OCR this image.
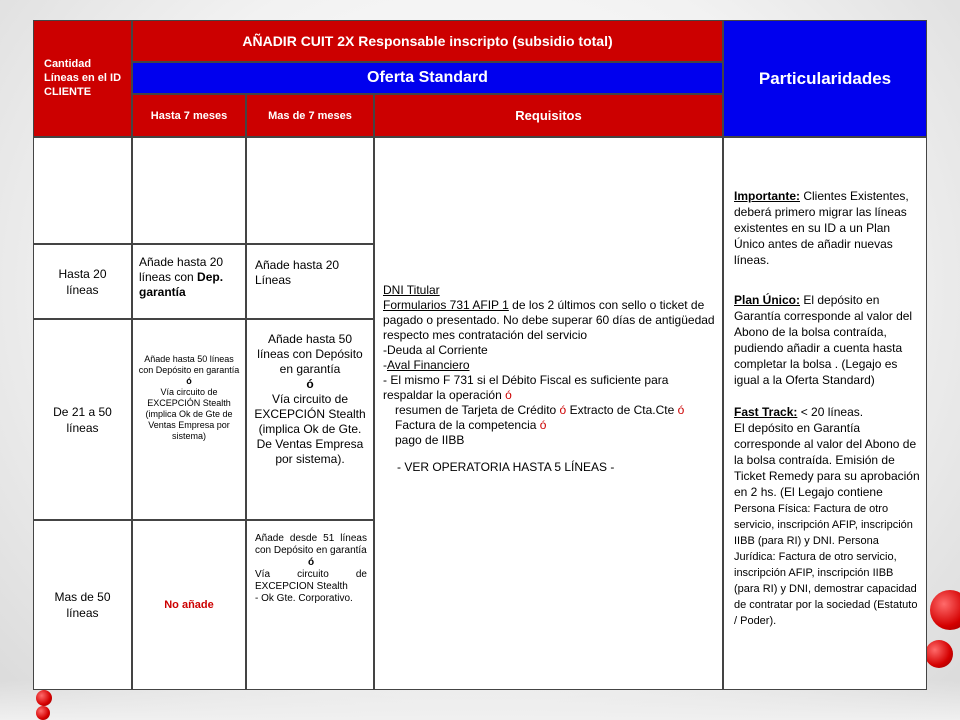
Cantidad Líneas en el ID CLIENTE
AÑADIR CUIT 2X Responsable inscripto (subsidio total)
Oferta Standard
Hasta 7 meses	Mas de 7 meses	Requisitos
Particularidades
Hasta 20 líneas
Añade hasta 20 líneas con Dep. garantía
Añade hasta 20 Líneas
De 21 a 50 líneas

Añade hasta 50 líneas con Depósito en garantía

ó

Vía circuito de EXCEPCIÓN Stealth (implica Ok de Gte de Ventas Empresa por sistema)

Añade hasta 50 líneas con Depósito en garantía

ó

Vía circuito de EXCEPCIÓN Stealth (implica Ok de Gte. De Ventas Empresa por sistema).

Mas de 50 líneas
No añade

Añade desde 51 líneas con Depósito en garantía

ó

Vía circuito de EXCEPCION Stealth

- Ok Gte. Corporativo.

DNI Titular

Formularios 731 AFIP 1 de los 2 últimos con sello o ticket de pagado o presentado. No debe superar 60 días de antigüedad respecto mes contratación del servicio

-Deuda al Corriente

-Aval Financiero

- El mismo F 731 si el Débito Fiscal es suficiente para respaldar la operación ó

resumen de Tarjeta de Crédito ó Extracto de Cta.Cte ó Factura de la competencia ó

pago de IIBB

- VER OPERATORIA HASTA 5 LÍNEAS -

Importante: Clientes Existentes, deberá primero migrar las líneas existentes en su ID a un Plan Único antes de añadir nuevas líneas.

Plan Único: El depósito en Garantía corresponde al valor del Abono de la bolsa contraída, pudiendo añadir a cuenta hasta completar la bolsa . (Legajo es igual a la Oferta Standard)

Fast Track: < 20 líneas.

El depósito en Garantía corresponde al valor del Abono de la bolsa contraída. Emisión de Ticket Remedy para su aprobación en 2 hs. (El Legajo contiene Persona Física: Factura de otro servicio, inscripción AFIP, inscripción IIBB (para RI) y DNI. Persona Jurídica: Factura de otro servicio, inscripción AFIP, inscripción IIBB (para RI) y DNI, demostrar capacidad de contratar por la sociedad (Estatuto / Poder).
